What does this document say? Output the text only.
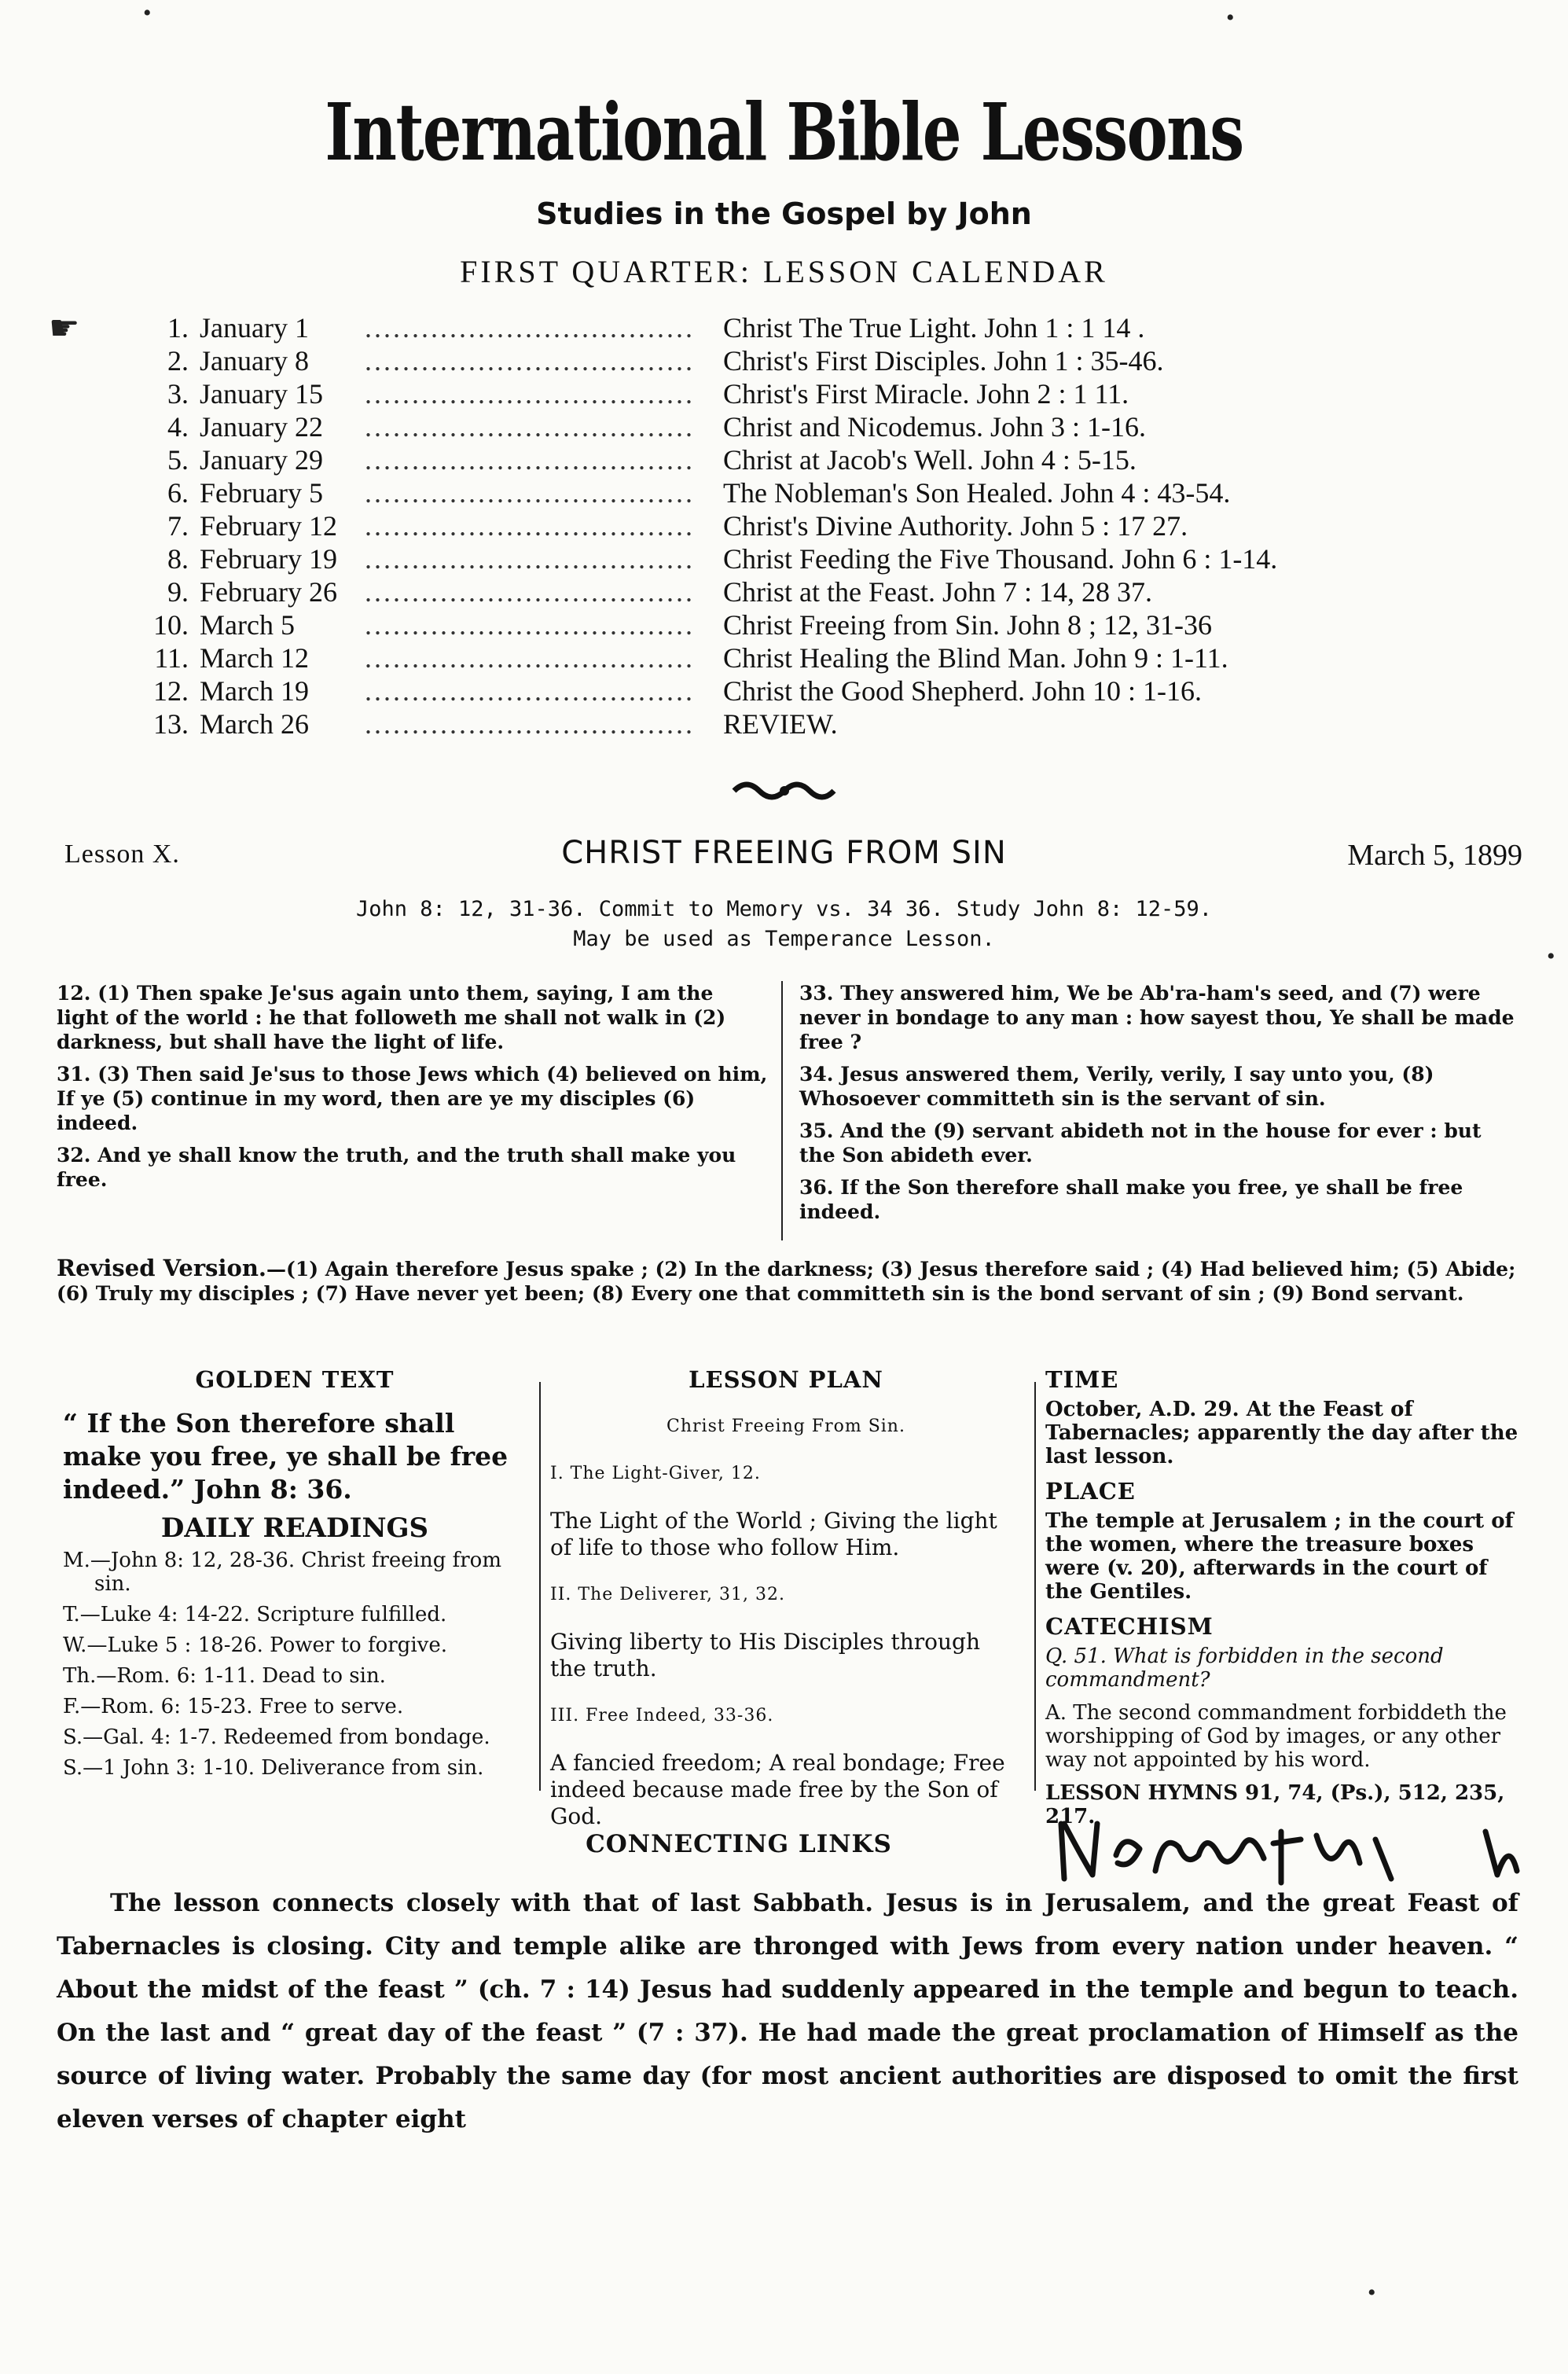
International Bible Lessons
Studies in the Gospel by John
FIRST QUARTER: LESSON CALENDAR
☛	1. January 1	...................................	Christ The True Light. John 1 : 1 14 .
2. January 8	...................................	Christ's First Disciples. John 1 : 35-46.
3. January 15	...................................	Christ's First Miracle. John 2 : 1 11.
4. January 22	...................................	Christ and Nicodemus. John 3 : 1-16.
5. January 29	...................................	Christ at Jacob's Well. John 4 : 5-15.
6. February 5	...................................	The Nobleman's Son Healed. John 4 : 43-54.
7. February 12 ...................................	Christ's Divine Authority. John 5 : 17 27.
8. February 19 ...................................	Christ Feeding the Five Thousand. John 6 : 1-14.
9. February 26 ...................................	Christ at the Feast. John 7 : 14, 28 37.
10. March 5	...................................	Christ Freeing from Sin. John 8 ; 12, 31-36
11. March 12	...................................	Christ Healing the Blind Man. John 9 : 1-11.
12. March 19	...................................	Christ the Good Shepherd. John 10 : 1-16.
13. March 26	...................................	REVIEW.
Lesson X.	CHRIST FREEING FROM SIN	March 5, 1899
John 8: 12, 31-36. Commit to Memory vs. 34 36. Study John 8: 12-59.
May be used as Temperance Lesson.

12. (1) Then spake Je'sus again unto them, saying, I am the light of the world : he that followeth me shall not walk in (2) darkness, but shall have the light of life.

31. (3) Then said Je'sus to those Jews which (4) believed on him, If ye (5) continue in my word, then are ye my disciples (6) indeed.

32. And ye shall know the truth, and the truth shall make you free.

33. They answered him, We be Ab'ra-ham's seed, and (7) were never in bondage to any man : how sayest thou, Ye shall be made free ?

34. Jesus answered them, Verily, verily, I say unto you, (8) Whosoever committeth sin is the servant of sin.

35. And the (9) servant abideth not in the house for ever : but the Son abideth ever.

36. If the Son therefore shall make you free, ye shall be free indeed.

Revised Version.—(1) Again therefore Jesus spake ; (2) In the darkness; (3) Jesus therefore said ; (4) Had believed him; (5) Abide; (6) Truly my disciples ; (7) Have never yet been; (8) Every one that committeth sin is the bond servant of sin ; (9) Bond servant.
GOLDEN TEXT
“ If the Son therefore shall make you free, ye shall be free indeed.” John 8: 36.
DAILY READINGS
M.—John 8: 12, 28-36. Christ freeing from sin.
T.—Luke 4: 14-22. Scripture fulfilled.
W.—Luke 5 : 18-26. Power to forgive.
Th.—Rom. 6: 1-11. Dead to sin.
F.—Rom. 6: 15-23. Free to serve.
S.—Gal. 4: 1-7. Redeemed from bondage.
S.—1 John 3: 1-10. Deliverance from sin.
LESSON PLAN
Christ Freeing From Sin.
I. The Light-Giver, 12.
The Light of the World ; Giving the light of life to those who follow Him.
II. The Deliverer, 31, 32.
Giving liberty to His Disciples through the truth.
III. Free Indeed, 33-36.
A fancied freedom; A real bondage; Free indeed because made free by the Son of God.
TIME
October, A.D. 29. At the Feast of Tabernacles; apparently the day after the last lesson.
PLACE
The temple at Jerusalem ; in the court of the women, where the treasure boxes were (v. 20), afterwards in the court of the Gentiles.
CATECHISM
Q. 51. What is forbidden in the second commandment?
A. The second commandment forbiddeth the worshipping of God by images, or any other way not appointed by his word.
LESSON HYMNS 91, 74, (Ps.), 512, 235, 217.
CONNECTING LINKS
The lesson connects closely with that of last Sabbath. Jesus is in Jerusalem, and the great Feast of Tabernacles is closing. City and temple alike are thronged with Jews from every nation under heaven. “ About the midst of the feast ” (ch. 7 : 14) Jesus had suddenly appeared in the temple and begun to teach. On the last and “ great day of the feast ” (7 : 37). He had made the great proclamation of Himself as the source of living water. Probably the same day (for most ancient authorities are disposed to omit the first eleven verses of chapter eight
•	•
•
•
